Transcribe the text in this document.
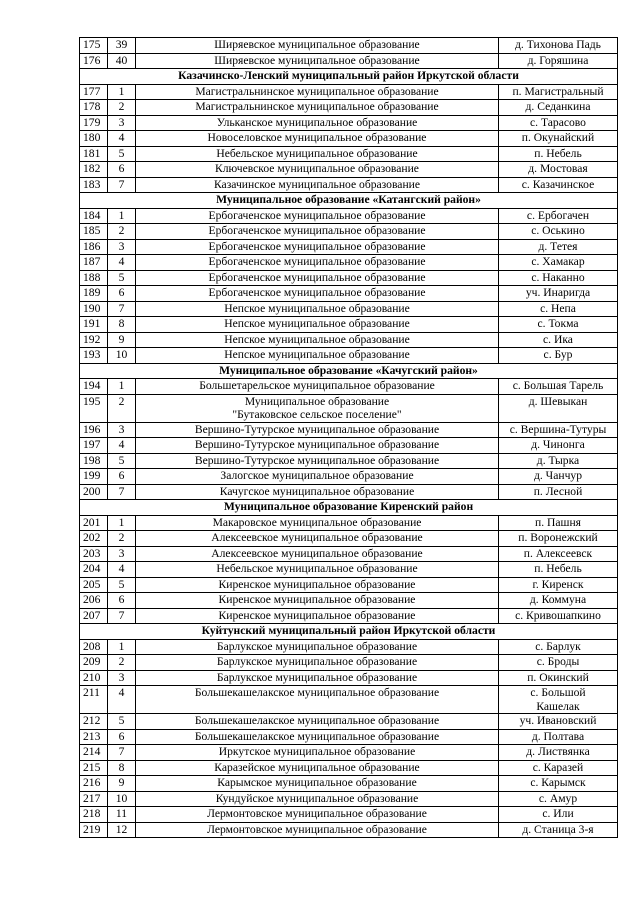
175	39	Ширяевское муниципальное образование	д. Тихонова Падь
176	40	Ширяевское муниципальное образование	д. Горяшина
Казачинско-Ленский муниципальный район Иркутской области			
177	1	Магистральнинское муниципальное образование	п. Магистральный
178	2	Магистральнинское муниципальное образование	д. Седанкина
179	3	Ульканское муниципальное образование	с. Тарасово
180	4	Новоселовское муниципальное образование	п. Окунайский
181	5	Небельское муниципальное образование	п. Небель
182	6	Ключевское муниципальное образование	д. Мостовая
183	7	Казачинское муниципальное образование	с. Казачинское
Муниципальное образование «Катангский район»			
184	1	Ербогаченское муниципальное образование	с. Ербогачен
185	2	Ербогаченское муниципальное образование	с. Оськино
186	3	Ербогаченское муниципальное образование	д. Тетея
187	4	Ербогаченское муниципальное образование	с. Хамакар
188	5	Ербогаченское муниципальное образование	с. Наканно
189	6	Ербогаченское муниципальное образование	уч. Инаригда
190	7	Непское муниципальное образование	с. Непа
191	8	Непское муниципальное образование	с. Токма
192	9	Непское муниципальное образование	с. Ика
193	10	Непское муниципальное образование	с. Бур
Муниципальное образование «Качугский район»			
194	1	Большетарельское муниципальное образование	с. Большая Тарель
195	2	Муниципальное образование
"Бутаковское сельское поселение"	д. Шевыкан
196	3	Вершино-Тутурское муниципальное образование	с. Вершина-Тутуры
197	4	Вершино-Тутурское муниципальное образование	д. Чинонга
198	5	Вершино-Тутурское муниципальное образование	д. Тырка
199	6	Залогское муниципальное образование	д. Чанчур
200	7	Качугское муниципальное образование	п. Лесной
Муниципальное образование Киренский район			
201	1	Макаровское муниципальное образование	п. Пашня
202	2	Алексеевское муниципальное образование	п. Воронежский
203	3	Алексеевское муниципальное образование	п. Алексеевск
204	4	Небельское муниципальное образование	п. Небель
205	5	Киренское муниципальное образование	г. Киренск
206	6	Киренское муниципальное образование	д. Коммуна
207	7	Киренское муниципальное образование	с. Кривошапкино
Куйтунский муниципальный район Иркутской области			
208	1	Барлукское муниципальное образование	с. Барлук
209	2	Барлукское муниципальное образование	с. Броды
210	3	Барлукское муниципальное образование	п. Окинский
211	4	Большекашелакское муниципальное образование	с. Большой
Кашелак
212	5	Большекашелакское муниципальное образование	уч. Ивановский
213	6	Большекашелакское муниципальное образование	д. Полтава
214	7	Иркутское муниципальное образование	д. Листвянка
215	8	Каразейское муниципальное образование	с. Каразей
216	9	Карымское муниципальное образование	с. Карымск
217	10	Кундуйское муниципальное образование	с. Амур
218	11	Лермонтовское муниципальное образование	с. Или
219	12	Лермонтовское муниципальное образование	д. Станица 3-я
